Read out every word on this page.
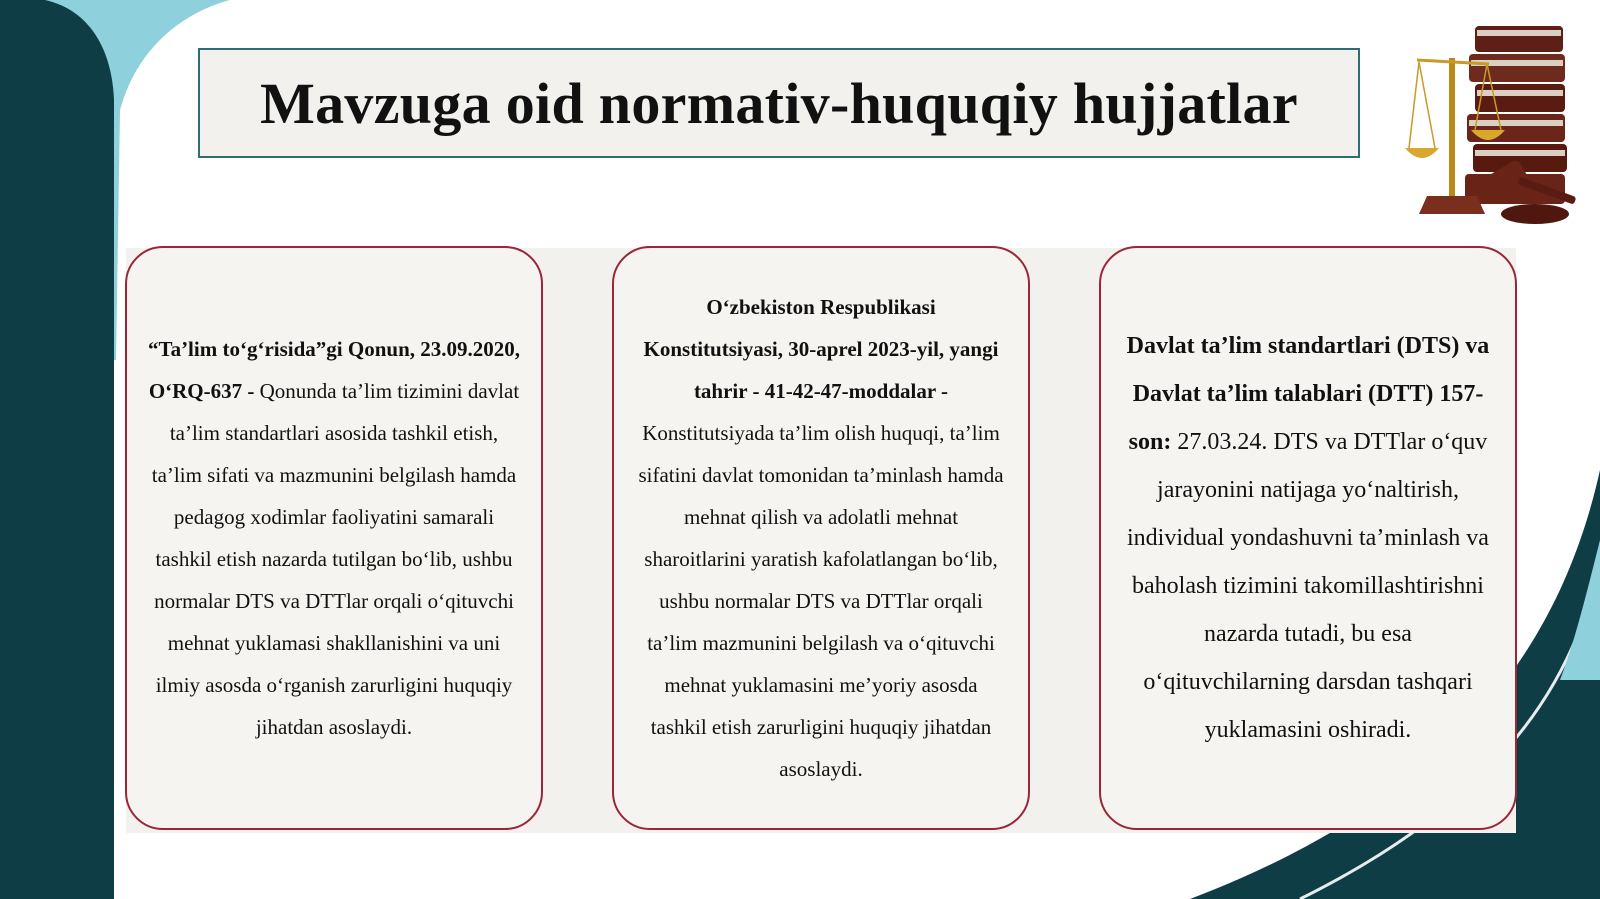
Mavzuga oid normativ-huquqiy hujjatlar

“Ta’lim to‘g‘risida”gi Qonun, 23.09.2020, O‘RQ-637 - Qonunda ta’lim tizimini davlat ta’lim standartlari asosida tashkil etish, ta’lim sifati va mazmunini belgilash hamda pedagog xodimlar faoliyatini samarali tashkil etish nazarda tutilgan bo‘lib, ushbu normalar DTS va DTTlar orqali o‘qituvchi mehnat yuklamasi shakllanishini va uni ilmiy asosda o‘rganish zarurligini huquqiy jihatdan asoslaydi.

O‘zbekiston Respublikasi Konstitutsiyasi, 30-aprel 2023-yil, yangi tahrir - 41-42-47-moddalar - Konstitutsiyada ta’lim olish huquqi, ta’lim sifatini davlat tomonidan ta’minlash hamda mehnat qilish va adolatli mehnat sharoitlarini yaratish kafolatlangan bo‘lib, ushbu normalar DTS va DTTlar orqali ta’lim mazmunini belgilash va o‘qituvchi mehnat yuklamasini me’yoriy asosda tashkil etish zarurligini huquqiy jihatdan asoslaydi.

Davlat ta’lim standartlari (DTS) va Davlat ta’lim talablari (DTT) 157-son: 27.03.24. DTS va DTTlar o‘quv jarayonini natijaga yo‘naltirish, individual yondashuvni ta’minlash va baholash tizimini takomillashtirishni nazarda tutadi, bu esa o‘qituvchilarning darsdan tashqari yuklamasini oshiradi.
